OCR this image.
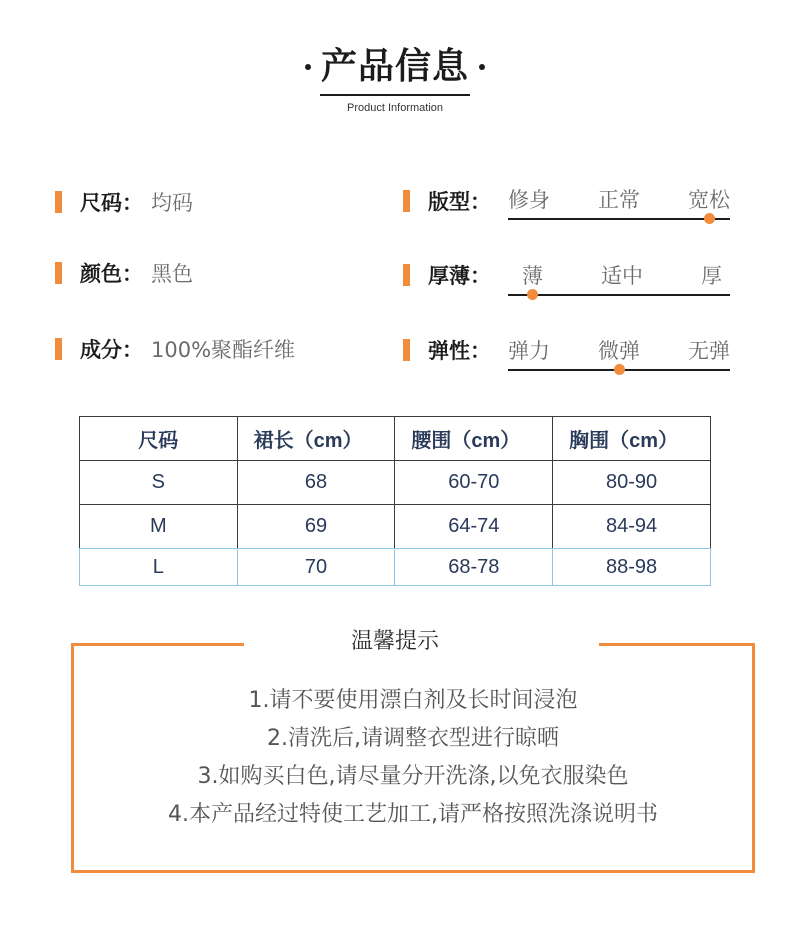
产品信息
Product Information
尺码： 均码
颜色： 黑色
成分： 100%聚酯纤维
版型： 修身 正常 宽松
厚薄：	薄	适中	厚
弹性： 弹力 微弹 无弹
尺码	裙长（cm）	腰围（cm）	胸围（cm）
S	68	60-70	80-90
M	69	64-74	84-94
L	70	68-78	88-98
温馨提示
1.请不要使用漂白剂及长时间浸泡
2.清洗后,请调整衣型进行晾晒
3.如购买白色,请尽量分开洗涤,以免衣服染色
4.本产品经过特使工艺加工,请严格按照洗涤说明书
